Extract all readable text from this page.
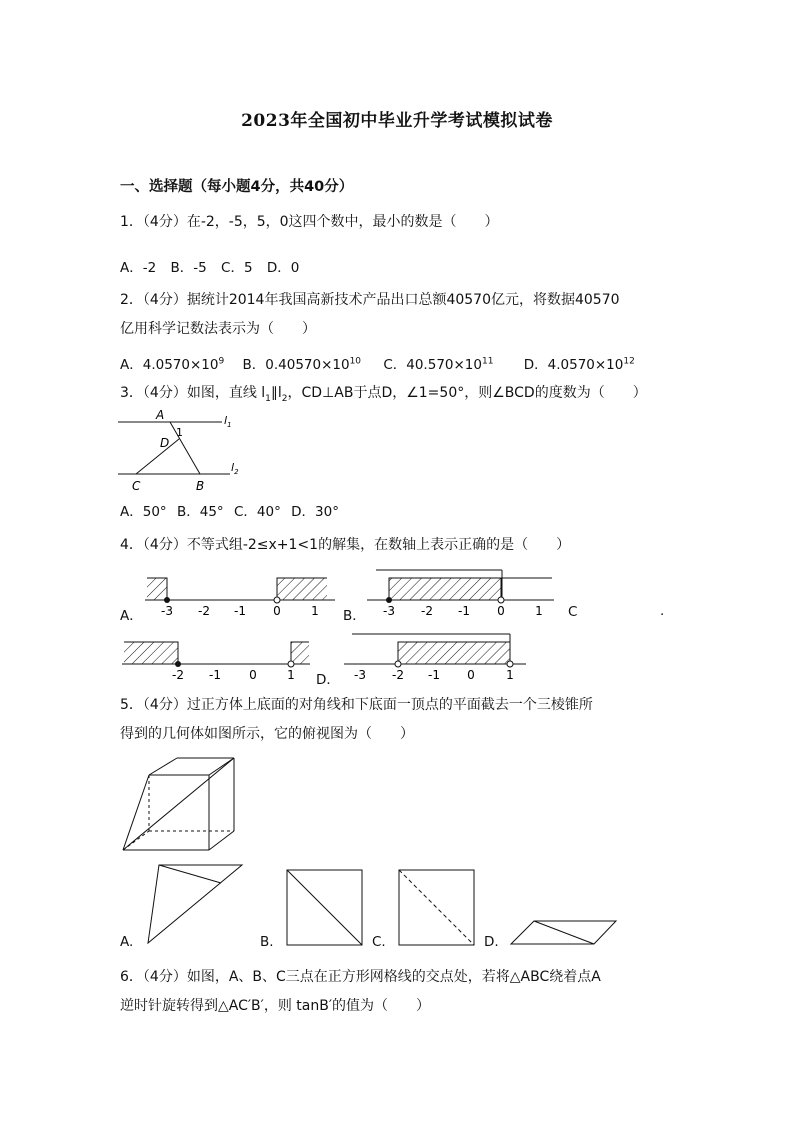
2023年全国初中毕业升学考试模拟试卷
一、选择题（每小题4分，共40分）
1．（4分）在-2，-5，5，0这四个数中，最小的数是（　　）
A．-2 B．-5 C．5 D．0
2．（4分）据统计2014年我国高新技术产品出口总额40570亿元，将数据40570
亿用科学记数法表示为（　　）
A．$4.0570\times 10^9$ B．$0.40570\times 10^{10}$ C．$40.570\times 10^{11}$ D．$4.0570\times 10^{12}$
3．（4分）如图，直线 $l_1\parallel l_2$，CD⊥AB于点D，∠1=50°，则∠BCD的度数为（　　）
A
1
D
C	B
$l_1$
$l_2$
A．50° B．45° C．40° D．30°
4．（4分）不等式组-2≤x+1<1的解集，在数轴上表示正确的是（　　）
A． -3 -2 -1 0	1 B． -3 -2 -1 0	1 C	.
-2 -1 0	1 D． -3 -2 -1 0	1
5．（4分）过正方体上底面的对角线和下底面一顶点的平面截去一个三棱锥所
得到的几何体如图所示，它的俯视图为（　　）
A.	B.	C.	D.
6．（4分）如图，A、B、C三点在正方形网格线的交点处，若将△ABC绕着点A
逆时针旋转得到△AC′B′，则 tanB′的值为（　　）
